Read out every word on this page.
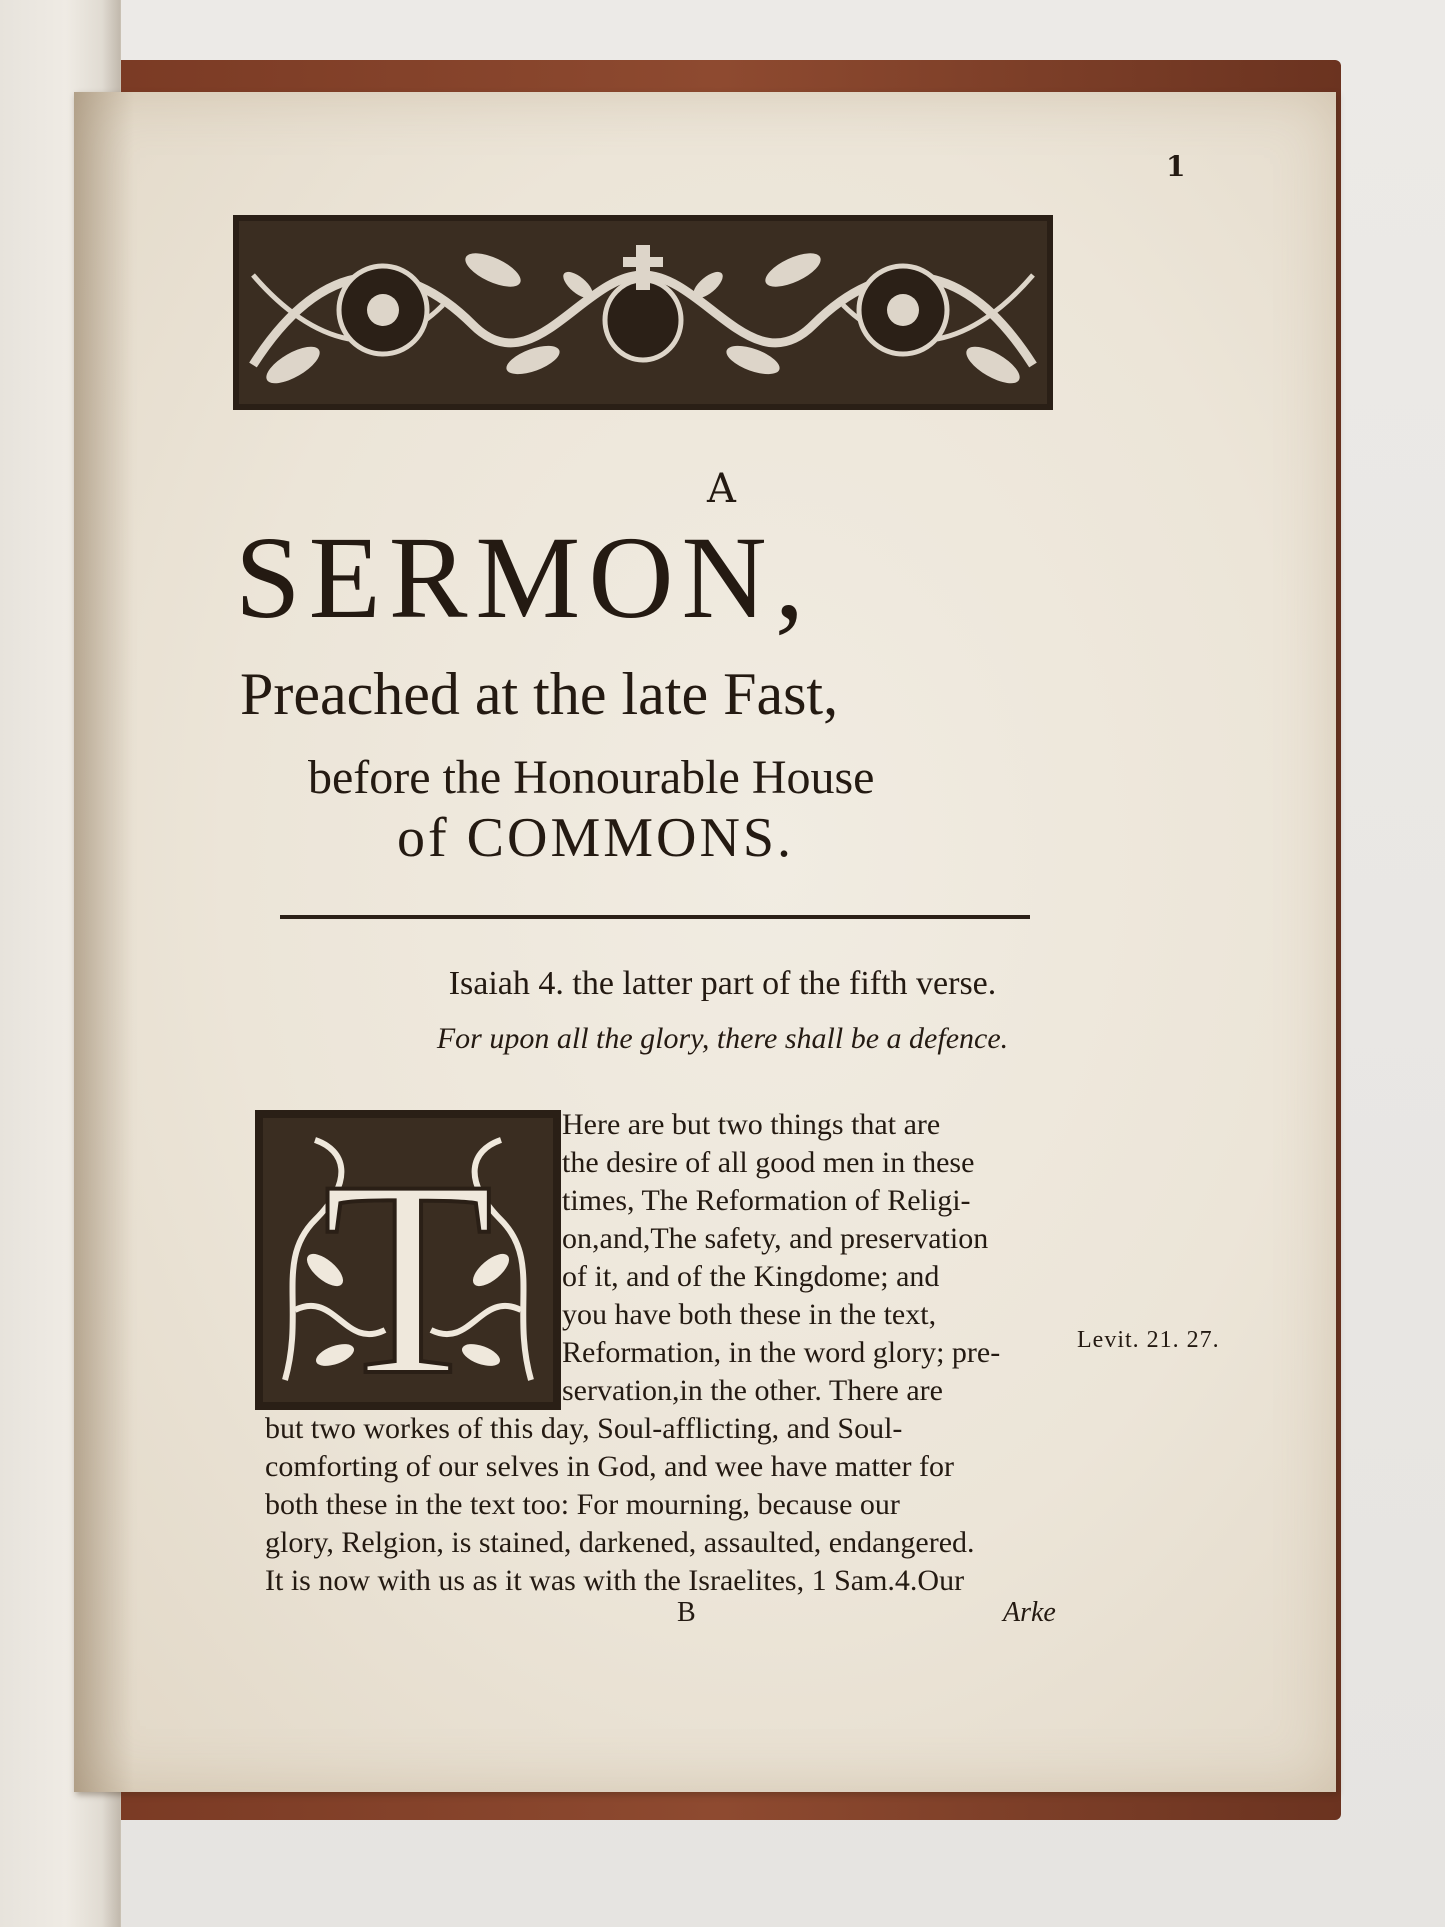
1
A
SERMON,
Preached at the late Fast,
before the Honourable House
of COMMONS.
Isaiah 4. the latter part of the fifth verse.
For upon all the glory, there shall be a defence.
T Here are but two things that are
the desire of all good men in these
times, The Reformation of Religi-
on,and,The safety, and preservation
of it, and of the Kingdome; and
you have both these in the text,
Reformation, in the word glory; pre-
servation,in the other. There are
but two workes of this day, Soul-afflicting, and Soul-
comforting of our selves in God, and wee have matter for
both these in the text too: For mourning, because our
glory, Relgion, is stained, darkened, assaulted, endangered.
It is now with us as it was with the Israelites, 1 Sam.4.Our
Levit. 21. 27.
B	Arke
